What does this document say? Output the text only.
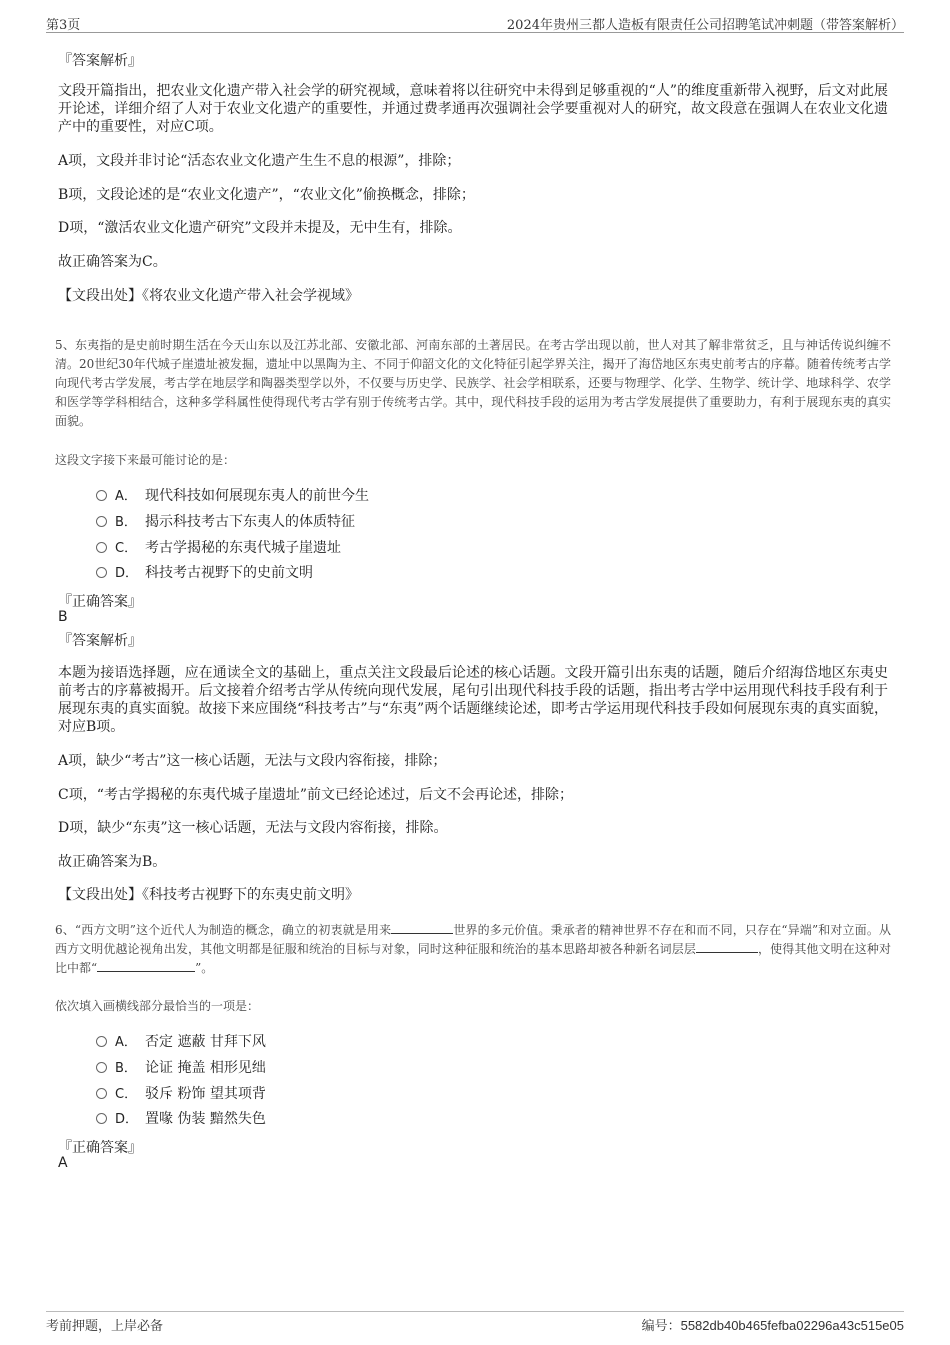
第3页	2024年贵州三都人造板有限责任公司招聘笔试冲刺题（带答案解析）
『答案解析』
文段开篇指出，把农业文化遗产带入社会学的研究视域，意味着将以往研究中未得到足够重视的“人”的维度重新带入视野，后文对此展开论述，详细介绍了人对于农业文化遗产的重要性，并通过费孝通再次强调社会学要重视对人的研究，故文段意在强调人在农业文化遗产中的重要性，对应C项。
A项，文段并非讨论“活态农业文化遗产生生不息的根源”，排除；
B项，文段论述的是“农业文化遗产”，“农业文化”偷换概念，排除；
D项，“激活农业文化遗产研究”文段并未提及，无中生有，排除。
故正确答案为C。
【文段出处】《将农业文化遗产带入社会学视域》
5、东夷指的是史前时期生活在今天山东以及江苏北部、安徽北部、河南东部的土著居民。在考古学出现以前，世人对其了解非常贫乏，且与神话传说纠缠不清。20世纪30年代城子崖遗址被发掘，遗址中以黑陶为主、不同于仰韶文化的文化特征引起学界关注，揭开了海岱地区东夷史前考古的序幕。随着传统考古学向现代考古学发展，考古学在地层学和陶器类型学以外，不仅要与历史学、民族学、社会学相联系，还要与物理学、化学、生物学、统计学、地球科学、农学和医学等学科相结合，这种多学科属性使得现代考古学有别于传统考古学。其中，现代科技手段的运用为考古学发展提供了重要助力，有利于展现东夷的真实面貌。
这段文字接下来最可能讨论的是：
A． 现代科技如何展现东夷人的前世今生
B． 揭示科技考古下东夷人的体质特征
C． 考古学揭秘的东夷代城子崖遗址
D． 科技考古视野下的史前文明
『正确答案』
B
『答案解析』
本题为接语选择题，应在通读全文的基础上，重点关注文段最后论述的核心话题。文段开篇引出东夷的话题，随后介绍海岱地区东夷史前考古的序幕被揭开。后文接着介绍考古学从传统向现代发展，尾句引出现代科技手段的话题，指出考古学中运用现代科技手段有利于展现东夷的真实面貌。故接下来应围绕“科技考古”与“东夷”两个话题继续论述，即考古学运用现代科技手段如何展现东夷的真实面貌，对应B项。
A项，缺少“考古”这一核心话题，无法与文段内容衔接，排除；
C项，“考古学揭秘的东夷代城子崖遗址”前文已经论述过，后文不会再论述，排除；
D项，缺少“东夷”这一核心话题，无法与文段内容衔接，排除。
故正确答案为B。
【文段出处】《科技考古视野下的东夷史前文明》
6、“西方文明”这个近代人为制造的概念，确立的初衷就是用来	世界的多元价值。秉承者的精神世界不存在和而不同，只存在“异端”和对立面。从西方文明优越论视角出发，其他文明都是征服和统治的目标与对象，同时这种征服和统治的基本思路却被各种新名词层层	，使得其他文明在这种对比中都“	”。
依次填入画横线部分最恰当的一项是：
A． 否定 遮蔽 甘拜下风
B． 论证 掩盖 相形见绌
C． 驳斥 粉饰 望其项背
D． 置喙 伪装 黯然失色
『正确答案』
A
考前押题，上岸必备	编号：5582db40b465fefba02296a43c515e05
